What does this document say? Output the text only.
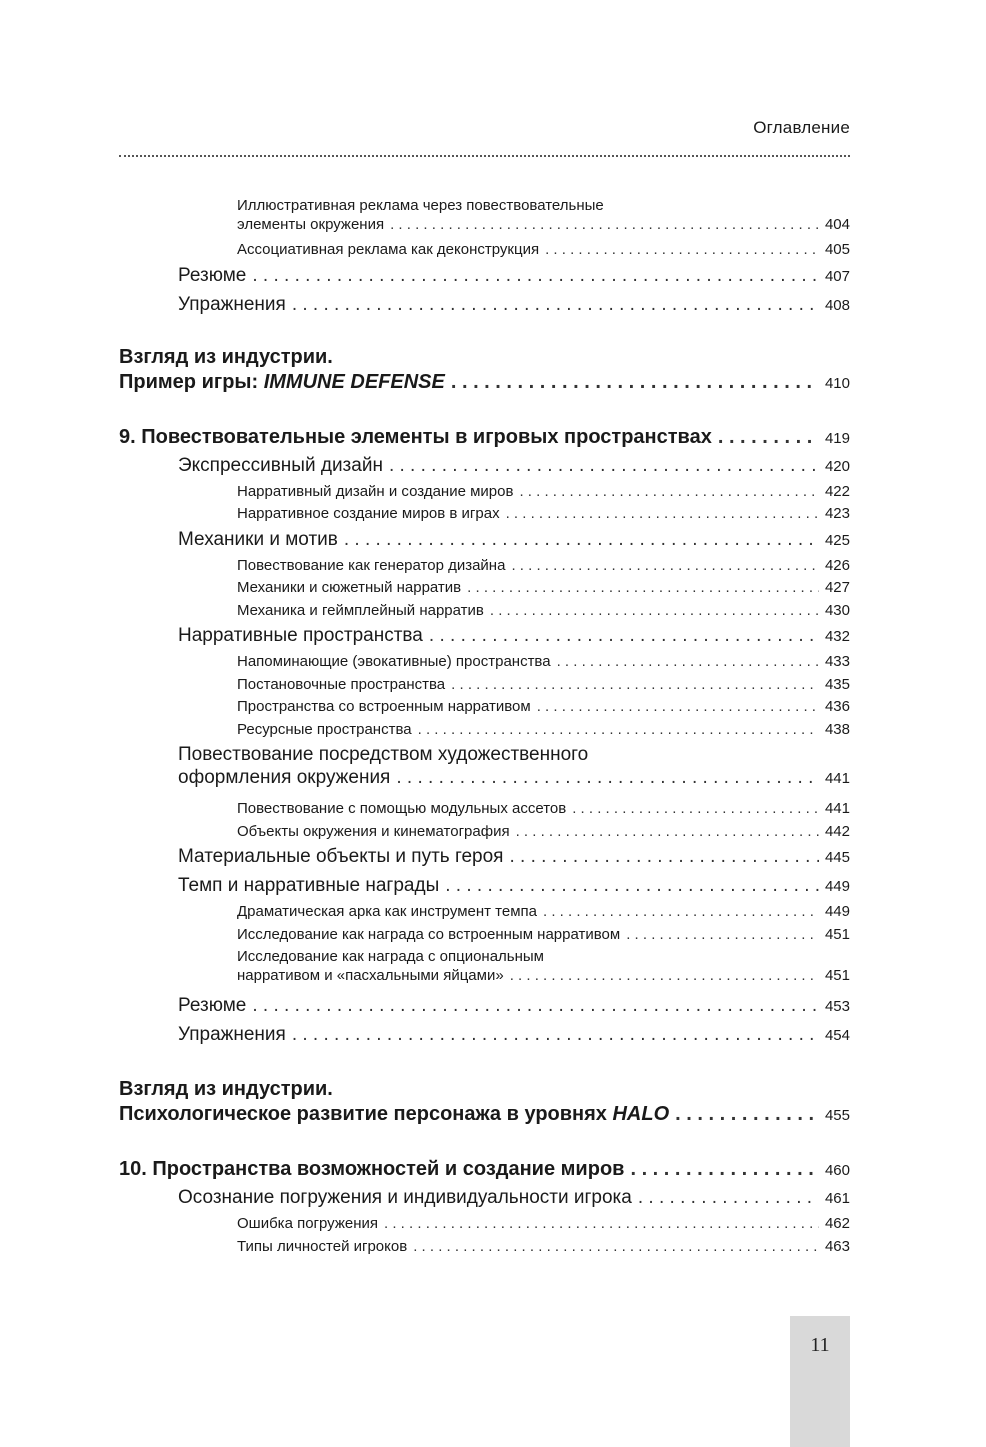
Оглавление
Иллюстративная реклама через повествовательные
элементы окружения . . .	404
Ассоциативная реклама как деконструкция . . .	405
Резюме . . .	407
Упражнения . . .	408
Взгляд из индустрии.
Пример игры: IMMUNE DEFENSE . . .	410
9. Повествовательные элементы в игровых пространствах . . .	419
Экспрессивный дизайн . . .	420
Нарративный дизайн и создание миров . . .	422
Нарративное создание миров в играх . . .	423
Механики и мотив . . .	425
Повествование как генератор дизайна . . .	426
Механики и сюжетный нарратив . . .	427
Механика и геймплейный нарратив . . .	430
Нарративные пространства . . .	432
Напоминающие (эвокативные) пространства . . .	433
Постановочные пространства . . .	435
Пространства со встроенным нарративом . . .	436
Ресурсные пространства . . .	438
Повествование посредством художественного
оформления окружения . . .	441
Повествование с помощью модульных ассетов . . .	441
Объекты окружения и кинематография . . .	442
Материальные объекты и путь героя . . .	445
Темп и нарративные награды . . .	449
Драматическая арка как инструмент темпа . . .	449
Исследование как награда со встроенным нарративом . . .	451
Исследование как награда с опциональным
нарративом и «пасхальными яйцами» . . .	451
Резюме . . .	453
Упражнения . . .	454
Взгляд из индустрии.
Психологическое развитие персонажа в уровнях HALO . . .	455
10. Пространства возможностей и создание миров . . .	460
Осознание погружения и индивидуальности игрока . . .	461
Ошибка погружения . . .	462
Типы личностей игроков . . .	463
11
